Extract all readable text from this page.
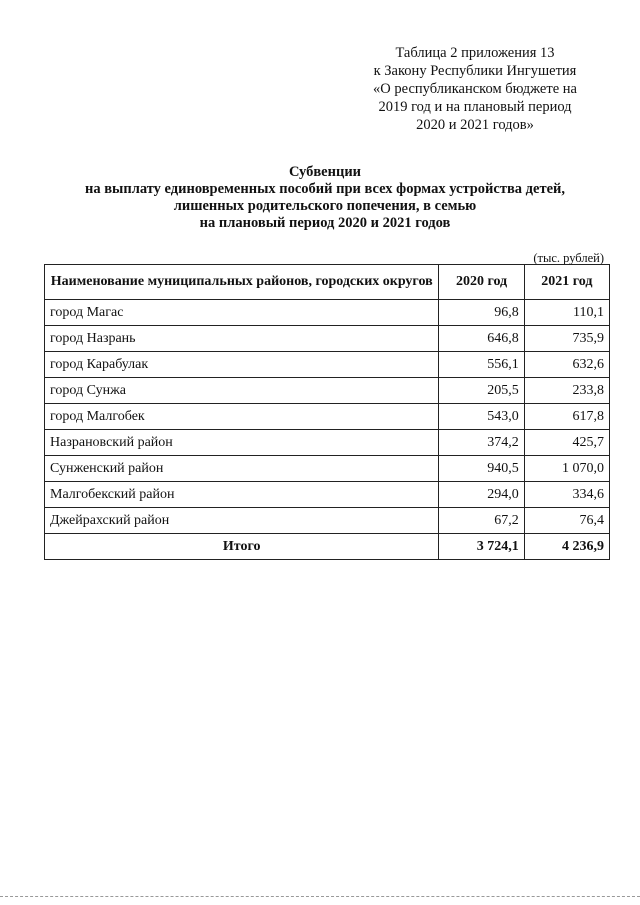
Таблица 2 приложения 13
к Закону Республики Ингушетия
«О республиканском бюджете на
2019 год и на плановый период
2020 и 2021 годов»
Субвенции
на выплату единовременных пособий при всех формах устройства детей,
лишенных родительского попечения, в семью
на плановый период 2020 и 2021 годов
(тыс. рублей)
Наименование муниципальных районов, городских округов	2020 год	2021 год
город Магас	96,8	110,1
город Назрань	646,8	735,9
город Карабулак	556,1	632,6
город Сунжа	205,5	233,8
город Малгобек	543,0	617,8
Назрановский район	374,2	425,7
Сунженский район	940,5	1 070,0
Малгобекский район	294,0	334,6
Джейрахский район	67,2	76,4
Итого	3 724,1	4 236,9
